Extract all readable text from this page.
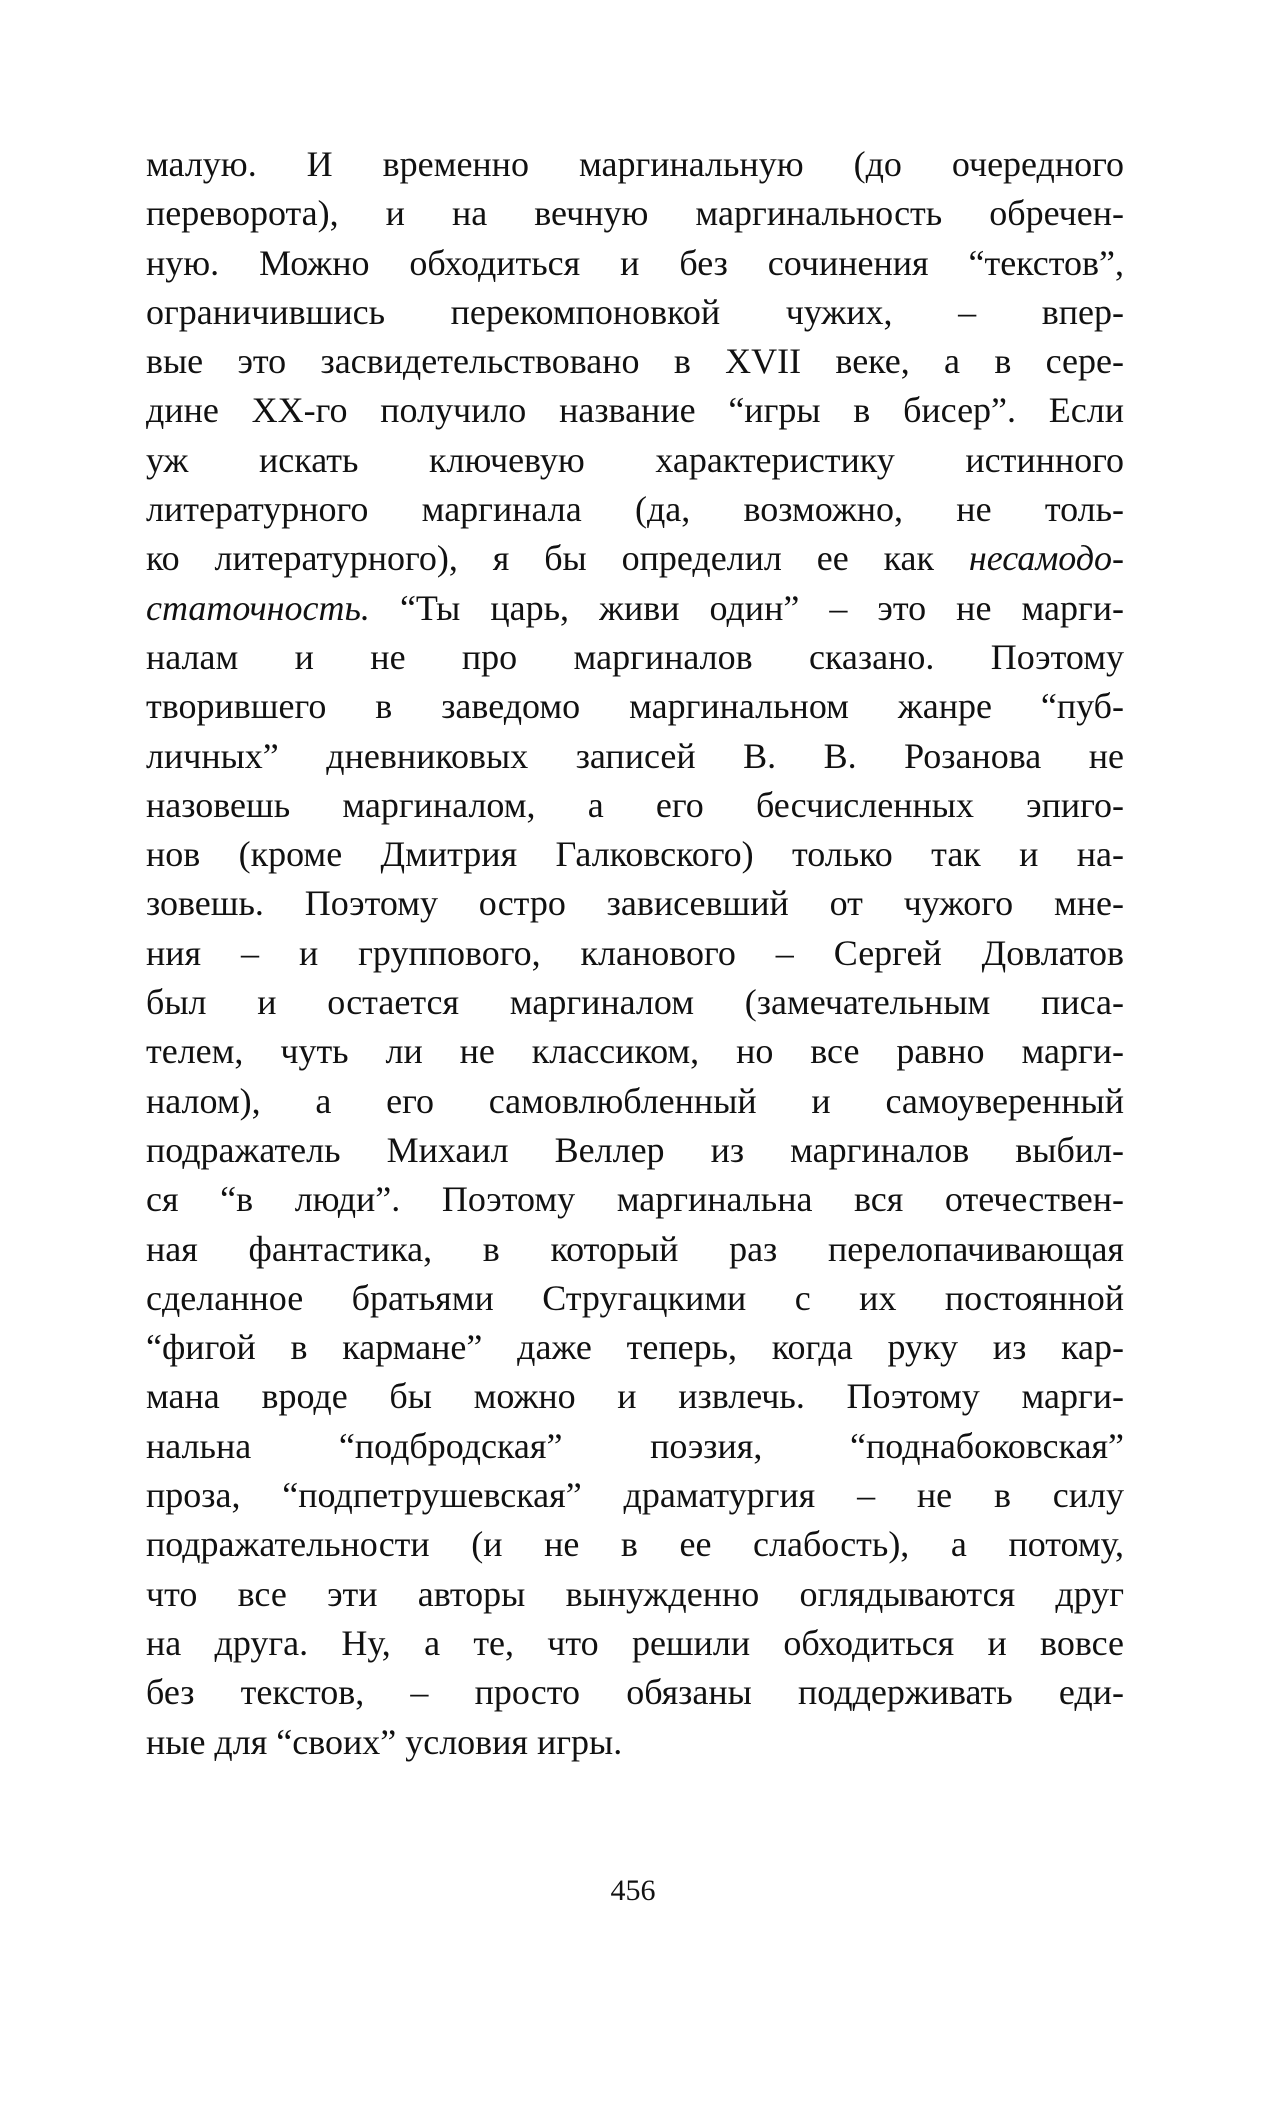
малую. И временно маргинальную (до очередного
переворота), и на вечную маргинальность обречен-
ную. Можно обходиться и без сочинения “текстов”,
ограничившись перекомпоновкой чужих, – впер-
вые это засвидетельствовано в XVII веке, а в сере-
дине XX-го получило название “игры в бисер”. Если
уж искать ключевую характеристику истинного
литературного маргинала (да, возможно, не толь-
ко литературного), я бы определил ее как несамодо-
статочность. “Ты царь, живи один” – это не марги-
налам и не про маргиналов сказано. Поэтому
творившего в заведомо маргинальном жанре “пуб-
личных” дневниковых записей В. В. Розанова не
назовешь маргиналом, а его бесчисленных эпиго-
нов (кроме Дмитрия Галковского) только так и на-
зовешь. Поэтому остро зависевший от чужого мне-
ния – и группового, кланового – Сергей Довлатов
был и остается маргиналом (замечательным писа-
телем, чуть ли не классиком, но все равно марги-
налом), а его самовлюбленный и самоуверенный
подражатель Михаил Веллер из маргиналов выбил-
ся “в люди”. Поэтому маргинальна вся отечествен-
ная фантастика, в который раз перелопачивающая
сделанное братьями Стругацкими с их постоянной
“фигой в кармане” даже теперь, когда руку из кар-
мана вроде бы можно и извлечь. Поэтому марги-
нальна “подбродская” поэзия, “поднабоковская”
проза, “подпетрушевская” драматургия – не в силу
подражательности (и не в ее слабость), а потому,
что все эти авторы вынужденно оглядываются друг
на друга. Ну, а те, что решили обходиться и вовсе
без текстов, – просто обязаны поддерживать еди-
ные для “своих” условия игры.
456
